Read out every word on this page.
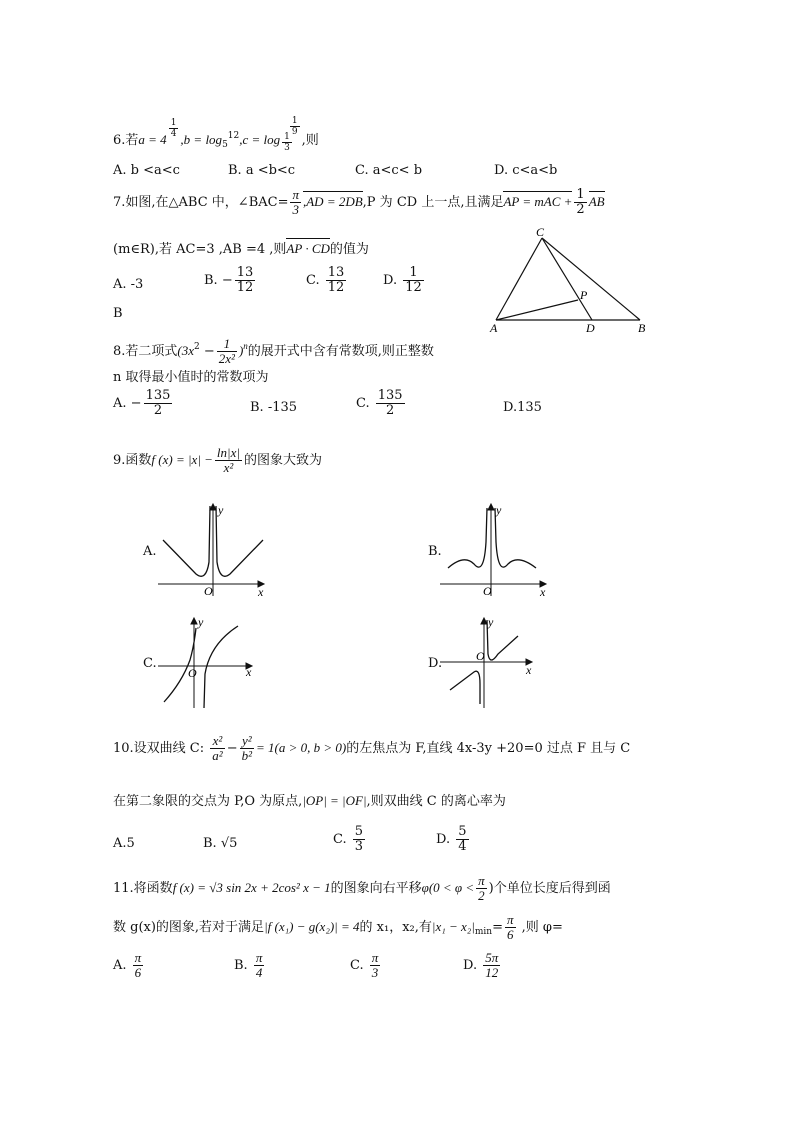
6.若a = 4
$\frac{1}{4}$
$,b = \log_5^{12},c = \log \frac{1}{3}$
$\frac{1}{9}$
,则
A. b <a<c	B. a <b<c	C. a<c< b	D. c<a<b
7.如图,在△ABC 中，∠BAC= $\frac{\pi}{3} ,AD = 2DB,P$ 为 CD 上一点,且满足AP = mAC + $\frac{1}{2}$ AB
(m∈R),若 AC=3 ,AB =4 ,则AP · CD的值为
A. -3	B. − $\frac{13}{12}$	C. $\frac{13}{12}$	D. $\frac{1}{12}$
B
C
A	D	B
P
8.若二项式$(3x^2 - \frac{1}{\text{2x²}} )^n$的展开式中含有常数项,则正整数
n 取得最小值时的常数项为
A. − $\frac{135}{2}$	B. -135	C. $\frac{135}{2}$	D.135
9.函数f $(x) = |x| - \frac{\ln|x|}{\text{x²}}$ 的图象大致为
A.
O	x
y
B.
O	x
y
C.
O	x
y
D.	O
x
y
10.设双曲线 C: $\frac{\text{x²}}{\text{a²}} - \frac{\text{y²}}{\text{b²}} = 1(a > 0$, b > 0)的左焦点为 F,直线 4x-3y +20=0 过点 F 且与 C
在第二象限的交点为 P,O 为原点,|OP| = |OF|,则双曲线 C 的离心率为
A.5	B. √5	C. $\frac{5}{3}$	D. $\frac{5}{4}$
11.将函数f (x) = √3 sin 2x + 2cos² x − 1的图象向右平移$\varphi(0 < \varphi < \frac{\pi}{2}$ )个单位长度后得到函
数 g(x)的图象,若对于满足|f (x₁) − g(x₂)| = 4的 x₁，x₂,有$|x_1 - x_2|_{min}= \frac{\pi}{6}$ ,则 φ=
A. $\frac{\pi}{6}$	B. $\frac{\pi}{4}$	C. $\frac{\pi}{3}$	D. $\frac{5\pi}{12}$
